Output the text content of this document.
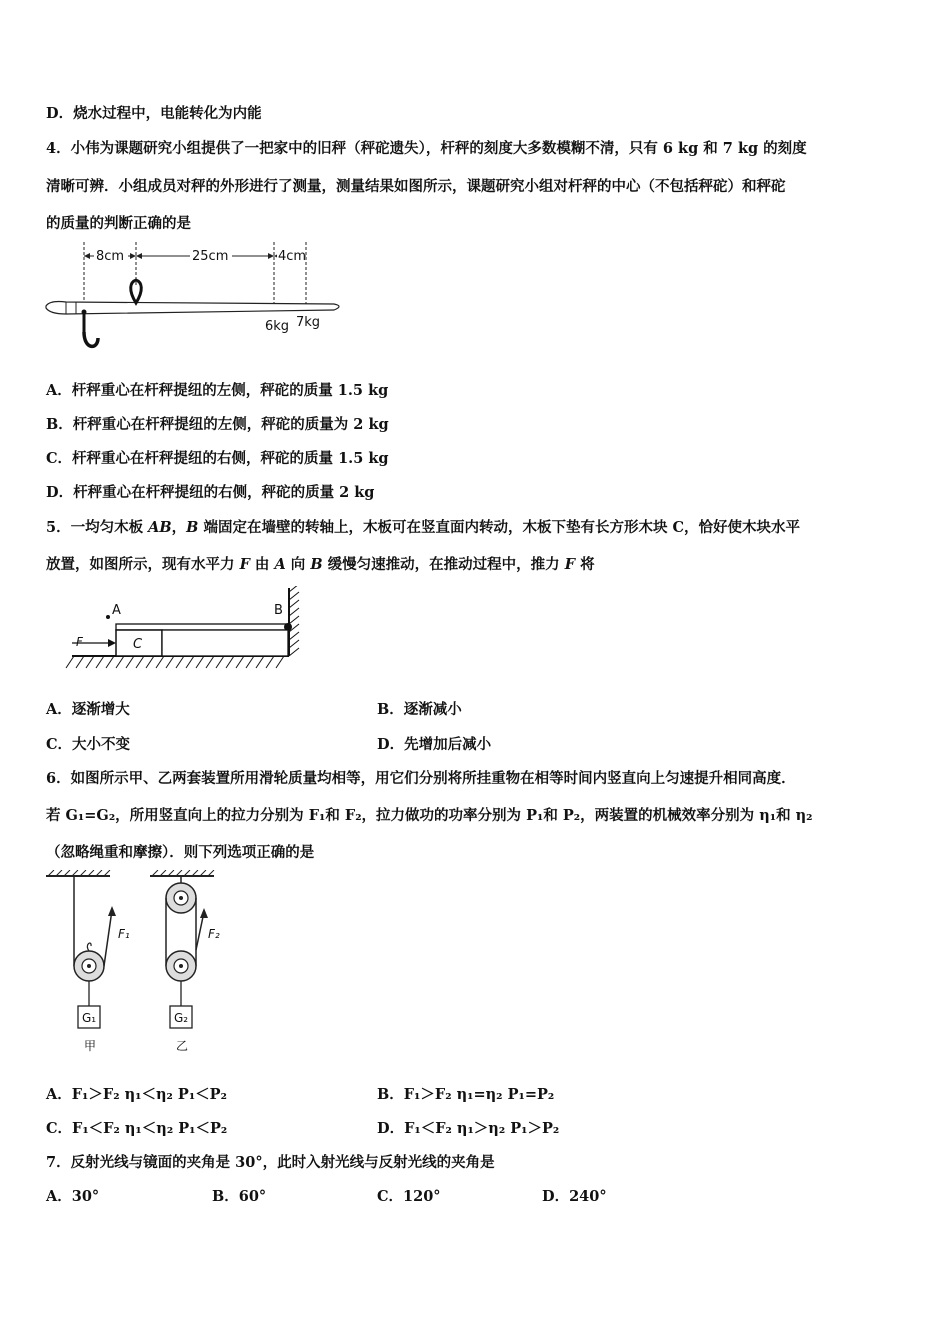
D．烧水过程中，电能转化为内能
4．小伟为课题研究小组提供了一把家中的旧秤（秤砣遗失），杆秤的刻度大多数模糊不清，只有 6 kg 和 7 kg 的刻度
清晰可辨．小组成员对秤的外形进行了测量，测量结果如图所示，课题研究小组对杆秤的中心（不包括秤砣）和秤砣
的质量的判断正确的是
8cm	25cm	4cm
6kg 7kg
A．杆秤重心在杆秤提纽的左侧，秤砣的质量 1.5 kg
B．杆秤重心在杆秤提纽的左侧，秤砣的质量为 2 kg
C．杆秤重心在杆秤提纽的右侧，秤砣的质量 1.5 kg
D．杆秤重心在杆秤提纽的右侧，秤砣的质量 2 kg
5．一均匀木板 AB，B 端固定在墙壁的转轴上，木板可在竖直面内转动，木板下垫有长方形木块 C，恰好使木块水平
放置，如图所示，现有水平力 F 由 A 向 B 缓慢匀速推动，在推动过程中，推力 F 将
A	B
C
F
A．逐渐增大	B．逐渐减小
C．大小不变	D．先增加后减小
6．如图所示甲、乙两套装置所用滑轮质量均相等，用它们分别将所挂重物在相等时间内竖直向上匀速提升相同高度．
若 G₁=G₂，所用竖直向上的拉力分别为 F₁和 F₂，拉力做功的功率分别为 P₁和 P₂，两装置的机械效率分别为 η₁和 η₂
（忽略绳重和摩擦）．则下列选项正确的是
G₁
F₁
甲
G₂
F₂
乙
A．F₁＞F₂ η₁＜η₂ P₁＜P₂	B．F₁＞F₂ η₁=η₂ P₁=P₂
C．F₁＜F₂ η₁＜η₂ P₁＜P₂	D．F₁＜F₂ η₁＞η₂ P₁＞P₂
7．反射光线与镜面的夹角是 30°，此时入射光线与反射光线的夹角是
A．30°	B．60°	C．120°	D．240°
